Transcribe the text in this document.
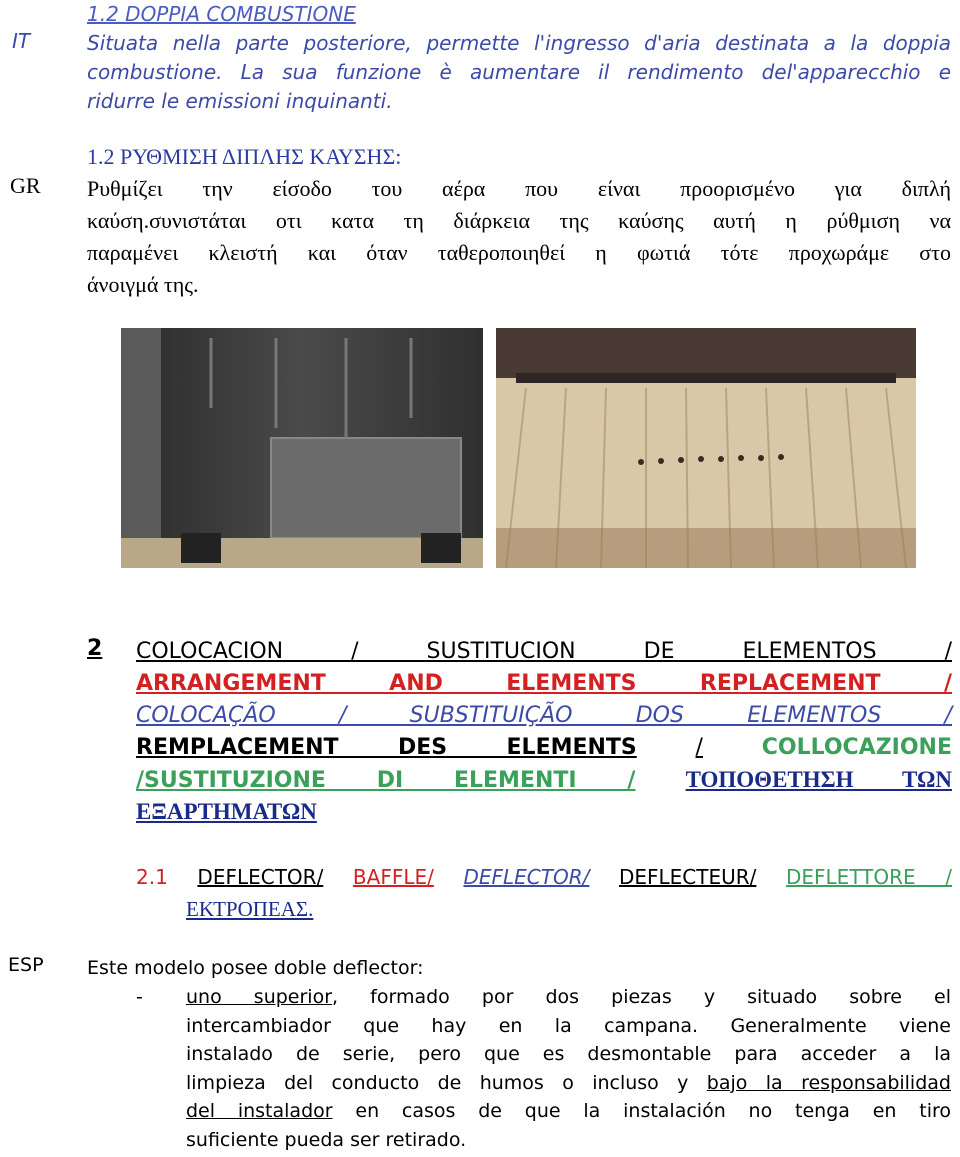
IT
1.2 DOPPIA COMBUSTIONE
Situata nella parte posteriore, permette l'ingresso d'aria destinata a la doppia
combustione. La sua funzione è aumentare il rendimento del'apparecchio e
ridurre le emissioni inquinanti.
GR
1.2 ΡΥΘΜΙΣΗ ΔΙΠΛΗΣ ΚΑΥΣΗΣ:
Ρυθμίζει την είσοδο του αέρα που είναι προορισμένο για διπλή
καύση.συνιστάται οτι κατα τη διάρκεια της καύσης αυτή η ρύθμιση να
παραμένει κλειστή και όταν ταθεροποιηθεί η φωτιά τότε προχωράμε στο
άνοιγμά της.
2 COLOCACION / SUSTITUCION DE ELEMENTOS /
ARRANGEMENT AND ELEMENTS REPLACEMENT /
COLOCAÇÃO / SUBSTITUIÇÃO DOS ELEMENTOS /
REMPLACEMENT DES ELEMENTS	/	COLLOCAZIONE
/SUSTITUZIONE DI ELEMENTI / ΤΟΠΟΘΕΤΗΣΗ ΤΩΝ
ΕΞΑΡΤΗΜΑΤΩΝ
2.1 DEFLECTOR/ BAFFLE/ DEFLECTOR/ DEFLECTEUR/ DEFLETTORE /
ΕΚΤΡΟΠΕΑΣ.
ESP Este modelo posee doble deflector:
- uno superior, formado por dos piezas y situado sobre el
intercambiador que hay en la campana. Generalmente viene
instalado de serie, pero que es desmontable para acceder a la
limpieza del conducto de humos o incluso y bajo la responsabilidad
del instalador en casos de que la instalación no tenga en tiro
suficiente pueda ser retirado.
